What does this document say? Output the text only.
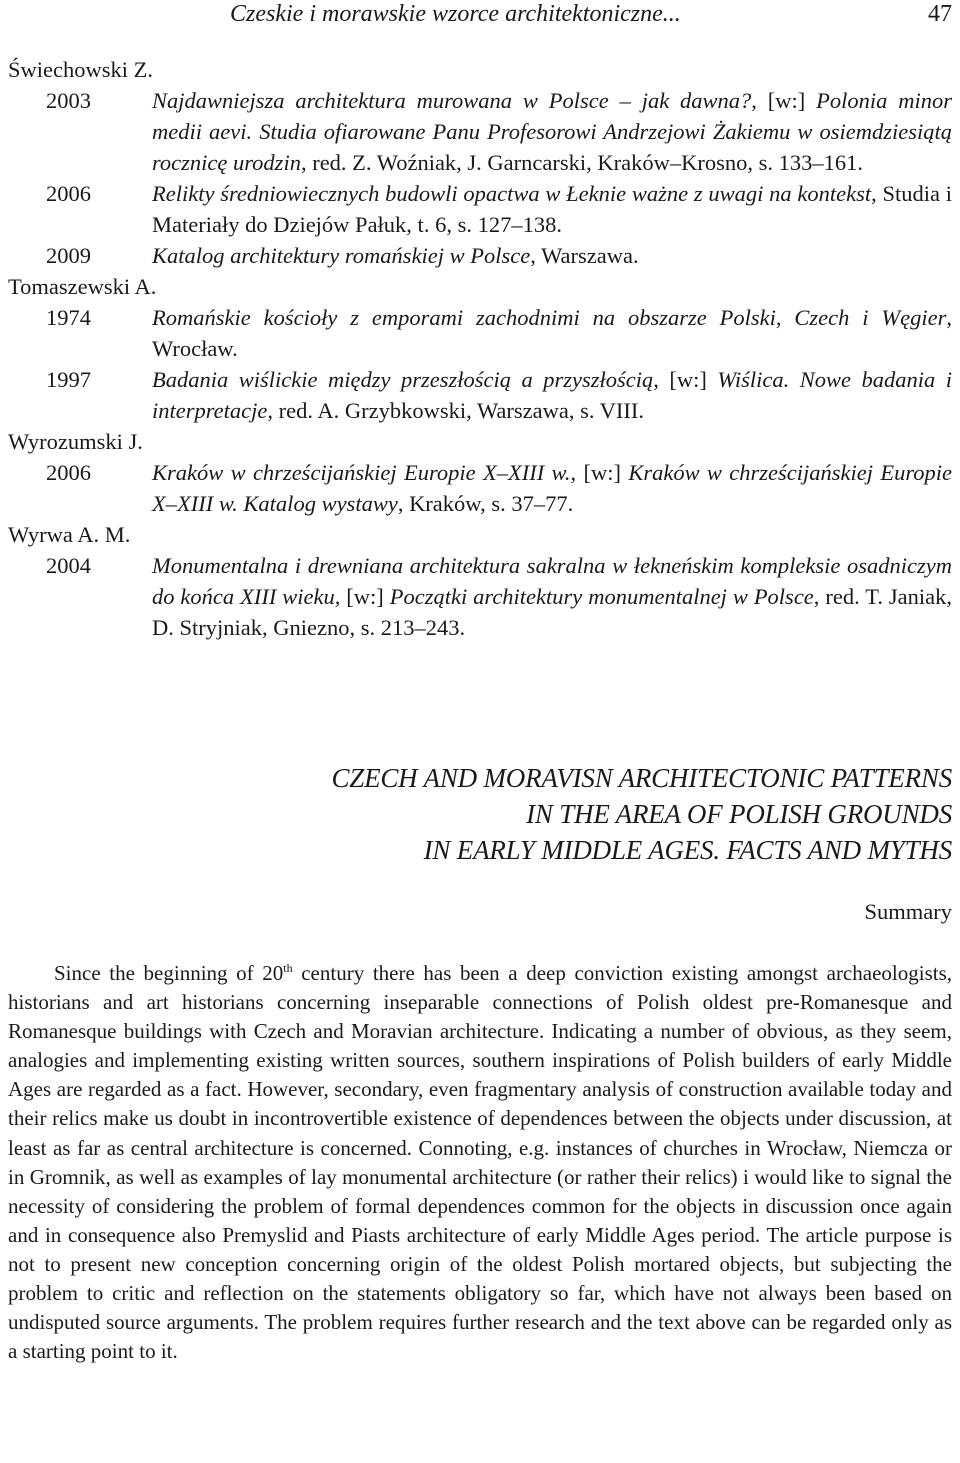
Czeskie i morawskie wzorce architektoniczne...	47
Świechowski Z.
2003	Najdawniejsza architektura murowana w Polsce – jak dawna?, [w:] Polonia minor medii aevi. Studia ofiarowane Panu Profesorowi Andrzejowi Żakiemu w osiemdziesiątą rocznicę urodzin, red. Z. Woźniak, J. Garncarski, Kraków–Krosno, s. 133–161.
2006	Relikty średniowiecznych budowli opactwa w Łeknie ważne z uwagi na kontekst, Studia i Materiały do Dziejów Pałuk, t. 6, s. 127–138.
2009	Katalog architektury romańskiej w Polsce, Warszawa.
Tomaszewski A.
1974	Romańskie kościoły z emporami zachodnimi na obszarze Polski, Czech i Węgier, Wrocław.
1997	Badania wiślickie między przeszłością a przyszłością, [w:] Wiślica. Nowe badania i interpretacje, red. A. Grzybkowski, Warszawa, s. VIII.
Wyrozumski J.
2006	Kraków w chrześcijańskiej Europie X–XIII w., [w:] Kraków w chrześcijańskiej Europie X–XIII w. Katalog wystawy, Kraków, s. 37–77.
Wyrwa A. M.
2004	Monumentalna i drewniana architektura sakralna w łekneńskim kompleksie osadniczym do końca XIII wieku, [w:] Początki architektury monumentalnej w Polsce, red. T. Janiak, D. Stryjniak, Gniezno, s. 213–243.
CZECH AND MORAVISN ARCHITECTONIC PATTERNS
IN THE AREA OF POLISH GROUNDS
IN EARLY MIDDLE AGES. FACTS AND MYTHS
Summary

Since the beginning of 20th century there has been a deep conviction existing amongst archaeologists, historians and art historians concerning inseparable connections of Polish oldest pre-Romanesque and Romanesque buildings with Czech and Moravian architecture. Indicating a number of obvious, as they seem, analogies and implementing existing written sources, southern inspirations of Polish builders of early Middle Ages are regarded as a fact. However, secondary, even fragmentary analysis of construction available today and their relics make us doubt in incontrovertible existence of dependences between the objects under discussion, at least as far as central architecture is concerned. Connoting, e.g. instances of churches in Wrocław, Niemcza or in Gromnik, as well as examples of lay monumental architecture (or rather their relics) i would like to signal the necessity of considering the problem of formal dependences common for the objects in discussion once again and in consequence also Premyslid and Piasts architecture of early Middle Ages period. The article purpose is not to present new conception concerning origin of the oldest Polish mortared objects, but subjecting the problem to critic and reflection on the statements obligatory so far, which have not always been based on undisputed source arguments. The problem requires further research and the text above can be regarded only as a starting point to it.
